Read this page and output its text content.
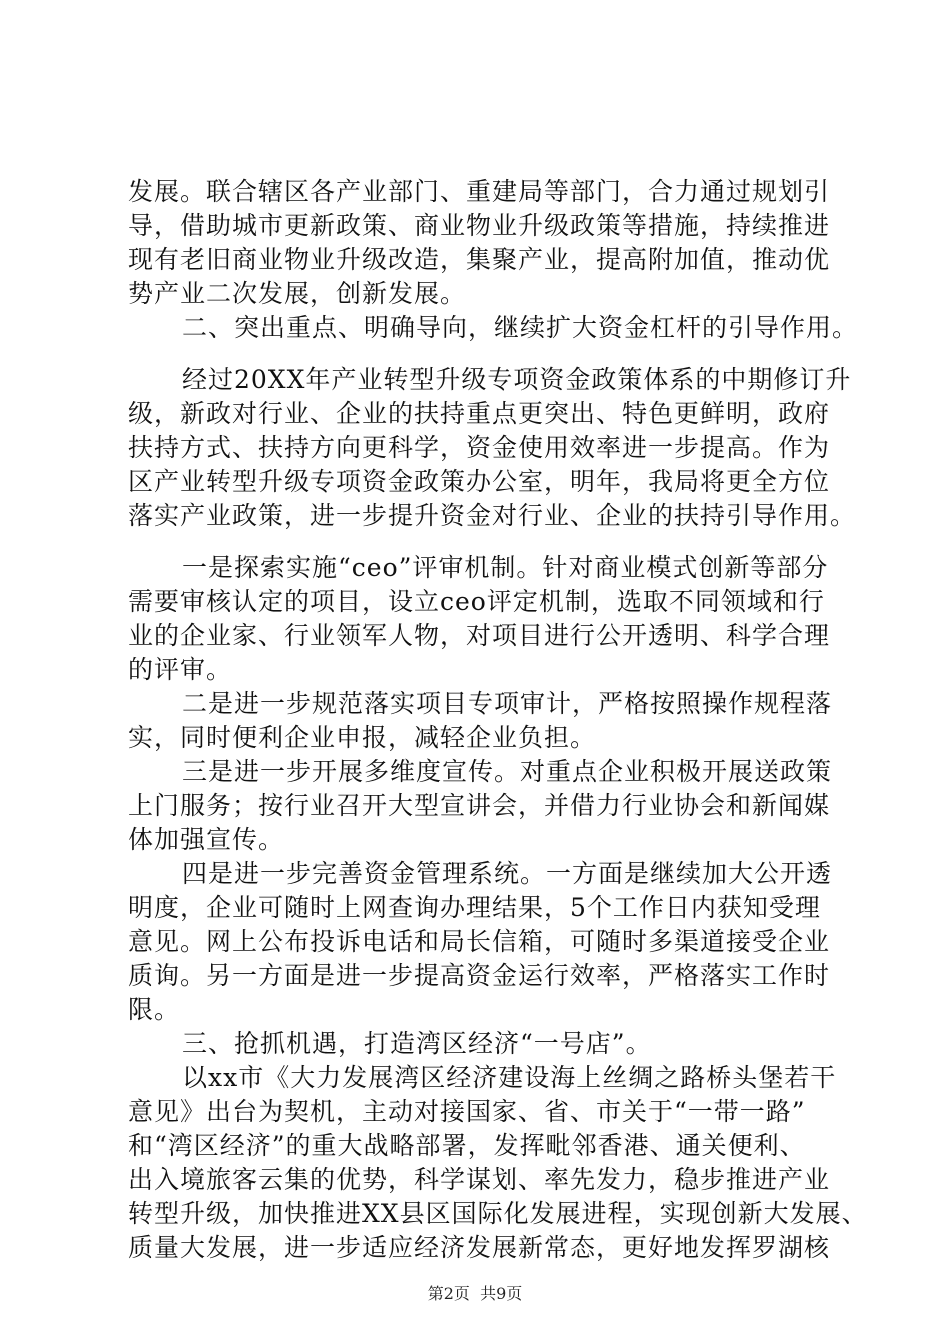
发展。联合辖区各产业部门、重建局等部门，合力通过规划引
导，借助城市更新政策、商业物业升级政策等措施，持续推进
现有老旧商业物业升级改造，集聚产业，提高附加值，推动优
势产业二次发展，创新发展。
二、突出重点、明确导向，继续扩大资金杠杆的引导作用。
经过20XX年产业转型升级专项资金政策体系的中期修订升
级，新政对行业、企业的扶持重点更突出、特色更鲜明，政府
扶持方式、扶持方向更科学，资金使用效率进一步提高。作为
区产业转型升级专项资金政策办公室，明年，我局将更全方位
落实产业政策，进一步提升资金对行业、企业的扶持引导作用。
一是探索实施“ceo”评审机制。针对商业模式创新等部分
需要审核认定的项目，设立ceo评定机制，选取不同领域和行
业的企业家、行业领军人物，对项目进行公开透明、科学合理
的评审。
二是进一步规范落实项目专项审计，严格按照操作规程落
实，同时便利企业申报，减轻企业负担。
三是进一步开展多维度宣传。对重点企业积极开展送政策
上门服务；按行业召开大型宣讲会，并借力行业协会和新闻媒
体加强宣传。
四是进一步完善资金管理系统。一方面是继续加大公开透
明度，企业可随时上网查询办理结果，5个工作日内获知受理
意见。网上公布投诉电话和局长信箱，可随时多渠道接受企业
质询。另一方面是进一步提高资金运行效率，严格落实工作时
限。
三、抢抓机遇，打造湾区经济“一号店”。
以xx市《大力发展湾区经济建设海上丝绸之路桥头堡若干
意见》出台为契机，主动对接国家、省、市关于“一带一路”
和“湾区经济”的重大战略部署，发挥毗邻香港、通关便利、
出入境旅客云集的优势，科学谋划、率先发力，稳步推进产业
转型升级，加快推进XX县区国际化发展进程，实现创新大发展、
质量大发展，进一步适应经济发展新常态，更好地发挥罗湖核
第2页  共9页
